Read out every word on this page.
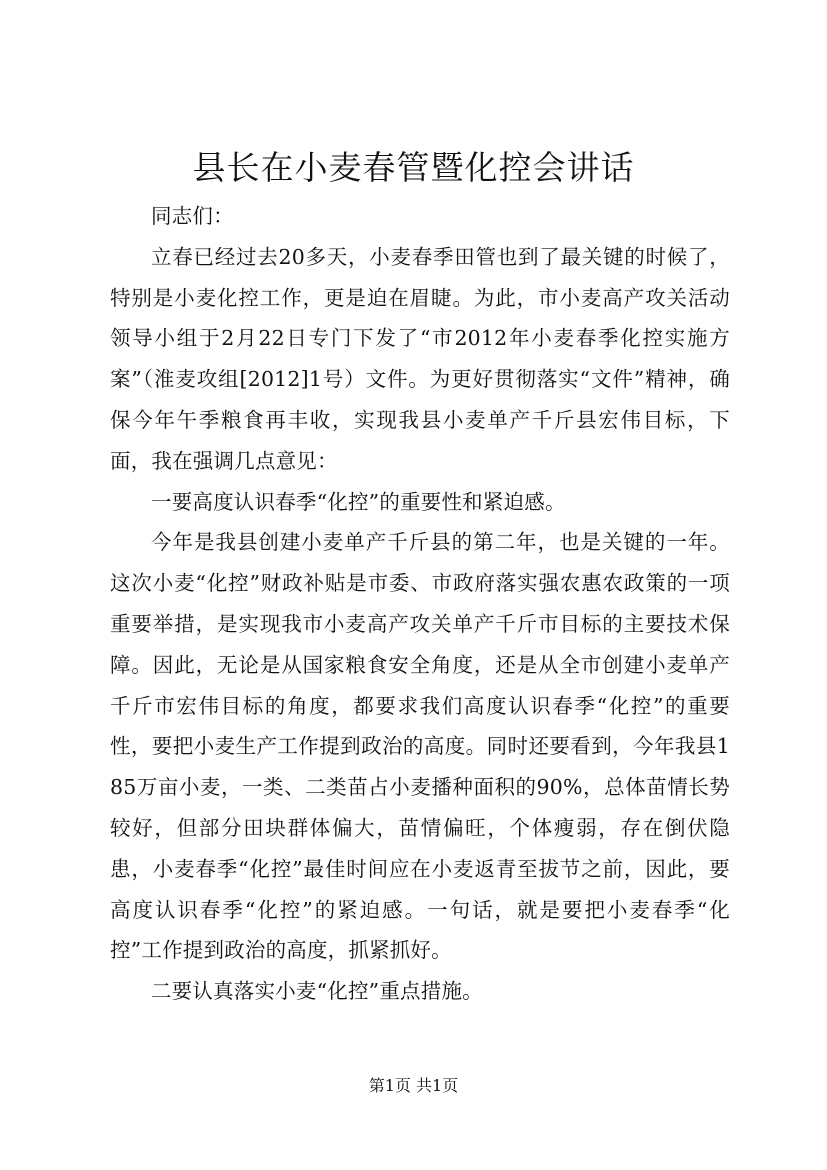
县长在小麦春管暨化控会讲话

同志们：

立春已经过去20多天，小麦春季田管也到了最关键的时候了，特别是小麦化控工作，更是迫在眉睫。为此，市小麦高产攻关活动领导小组于2月22日专门下发了“市2012年小麦春季化控实施方案”（淮麦攻组[2012]1号）文件。为更好贯彻落实“文件”精神，确保今年午季粮食再丰收，实现我县小麦单产千斤县宏伟目标，下面，我在强调几点意见：

一要高度认识春季“化控”的重要性和紧迫感。

今年是我县创建小麦单产千斤县的第二年，也是关键的一年。这次小麦“化控”财政补贴是市委、市政府落实强农惠农政策的一项重要举措，是实现我市小麦高产攻关单产千斤市目标的主要技术保障。因此，无论是从国家粮食安全角度，还是从全市创建小麦单产千斤市宏伟目标的角度，都要求我们高度认识春季“化控”的重要性，要把小麦生产工作提到政治的高度。同时还要看到，今年我县185万亩小麦，一类、二类苗占小麦播种面积的90%，总体苗情长势较好，但部分田块群体偏大，苗情偏旺，个体瘦弱，存在倒伏隐患，小麦春季“化控”最佳时间应在小麦返青至拔节之前，因此，要高度认识春季“化控”的紧迫感。一句话，就是要把小麦春季“化控”工作提到政治的高度，抓紧抓好。

二要认真落实小麦“化控”重点措施。

第1页 共1页
